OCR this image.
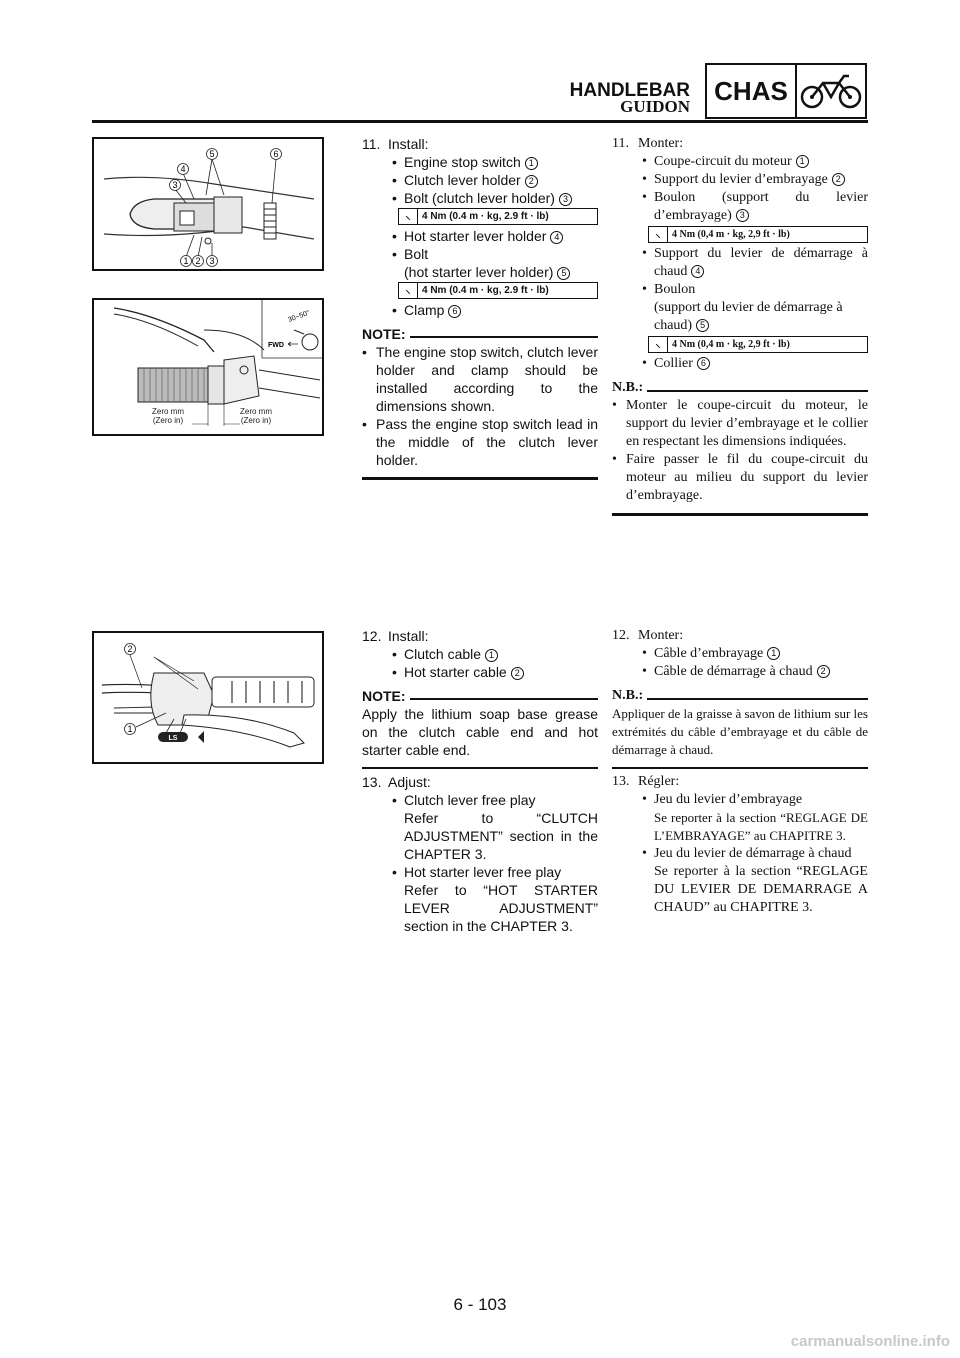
HANDLEBAR
GUIDON
CHAS
5	6
4
3
1 2 3
30~50°
FWD
Zero mm
(Zero in)
Zero mm
(Zero in)
2
1
LS
11. Install:
• Engine stop switch 1
• Clutch lever holder 2
• Bolt (clutch lever holder) 3
⸜	4 Nm (0.4 m · kg, 2.9 ft · lb)
• Hot starter lever holder 4
• Bolt
(hot starter lever holder) 5
⸜	4 Nm (0.4 m · kg, 2.9 ft · lb)
• Clamp 6
NOTE:
• The engine stop switch, clutch lever holder and clamp should be installed according to the dimensions shown.
• Pass the engine stop switch lead in the middle of the clutch lever holder.
11. Monter:
• Coupe-circuit du moteur 1
• Support du levier d’embrayage 2
• Boulon (support du levier d’embrayage) 3
⸜	4 Nm (0,4 m · kg, 2,9 ft · lb)
• Support du levier de démarrage à chaud 4
• Boulon
(support du levier de démarrage à chaud) 5
⸜	4 Nm (0,4 m · kg, 2,9 ft · lb)
• Collier 6
N.B.:
• Monter le coupe-circuit du moteur, le support du levier d’embrayage et le collier en respectant les dimensions indiquées.
• Faire passer le fil du coupe-circuit du moteur au milieu du support du levier d’embrayage.
12. Install:
• Clutch cable 1
• Hot starter cable 2
NOTE:
Apply the lithium soap base grease on the clutch cable end and hot starter cable end.
12. Monter:
• Câble d’embrayage 1
• Câble de démarrage à chaud 2
N.B.:
Appliquer de la graisse à savon de lithium sur les extrémités du câble d’embrayage et du câble de démarrage à chaud.
13. Adjust:
• Clutch lever free play
Refer to “CLUTCH ADJUSTMENT” section in the CHAPTER 3.
• Hot starter lever free play
Refer to “HOT STARTER LEVER ADJUSTMENT” section in the CHAPTER 3.
13. Régler:
• Jeu du levier d’embrayage
Se reporter à la section “REGLAGE DE L’EMBRAYAGE” au CHAPITRE 3.
• Jeu du levier de démarrage à chaud
Se reporter à la section “REGLAGE DU LEVIER DE DEMARRAGE A CHAUD” au CHAPITRE 3.
6 - 103
carmanualsonline.info
